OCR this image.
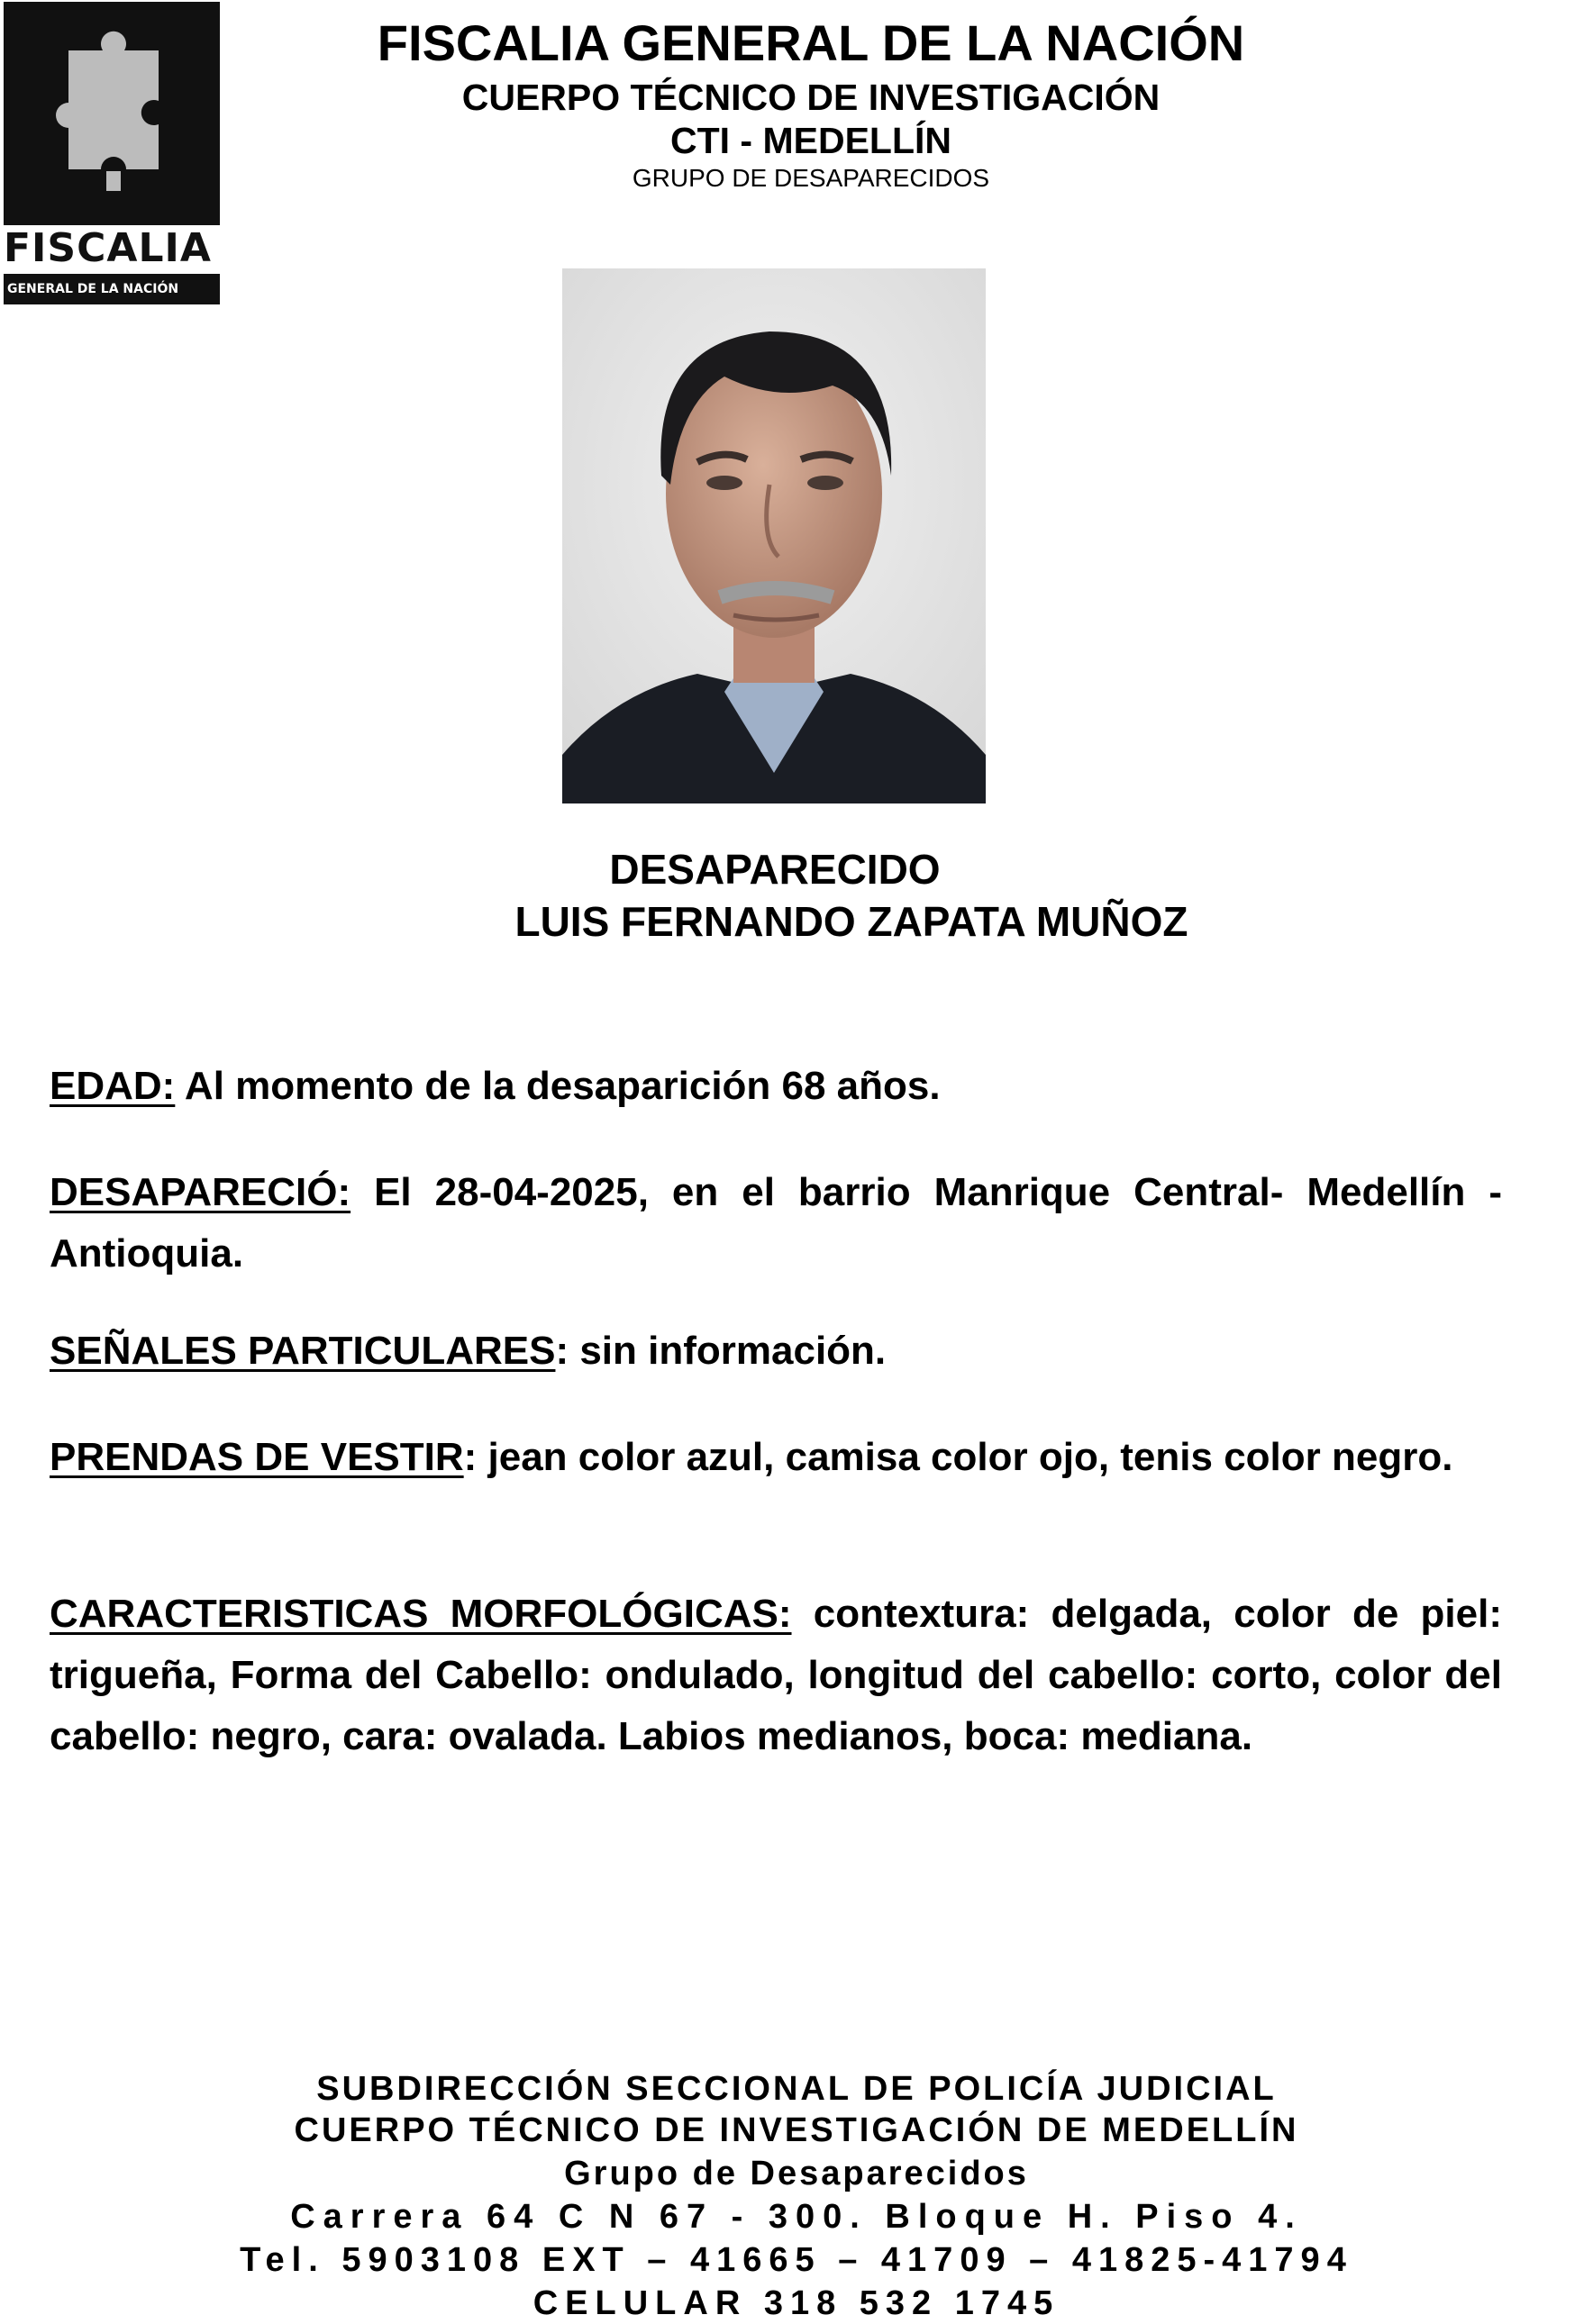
FISCALIA
GENERAL DE LA NACIÓN
FISCALIA GENERAL DE LA NACIÓN
CUERPO TÉCNICO DE INVESTIGACIÓN
CTI - MEDELLÍN
GRUPO DE DESAPARECIDOS
DESAPARECIDO
LUIS FERNANDO ZAPATA MUÑOZ
EDAD: Al momento de la desaparición 68 años.
DESAPARECIÓ: El 28-04-2025, en el barrio Manrique Central- Medellín - Antioquia.
SEÑALES PARTICULARES: sin información.
PRENDAS DE VESTIR: jean color azul, camisa color ojo, tenis color negro.
CARACTERISTICAS MORFOLÓGICAS: contextura: delgada, color de piel: trigueña, Forma del Cabello: ondulado, longitud del cabello: corto, color del cabello: negro, cara: ovalada. Labios medianos, boca: mediana.
SUBDIRECCIÓN SECCIONAL DE POLICÍA JUDICIAL
CUERPO TÉCNICO DE INVESTIGACIÓN DE MEDELLÍN
Grupo de Desaparecidos
Carrera 64 C N 67 - 300. Bloque H. Piso 4.
Tel. 5903108 EXT – 41665 – 41709 – 41825-41794
CELULAR 318 532 1745
